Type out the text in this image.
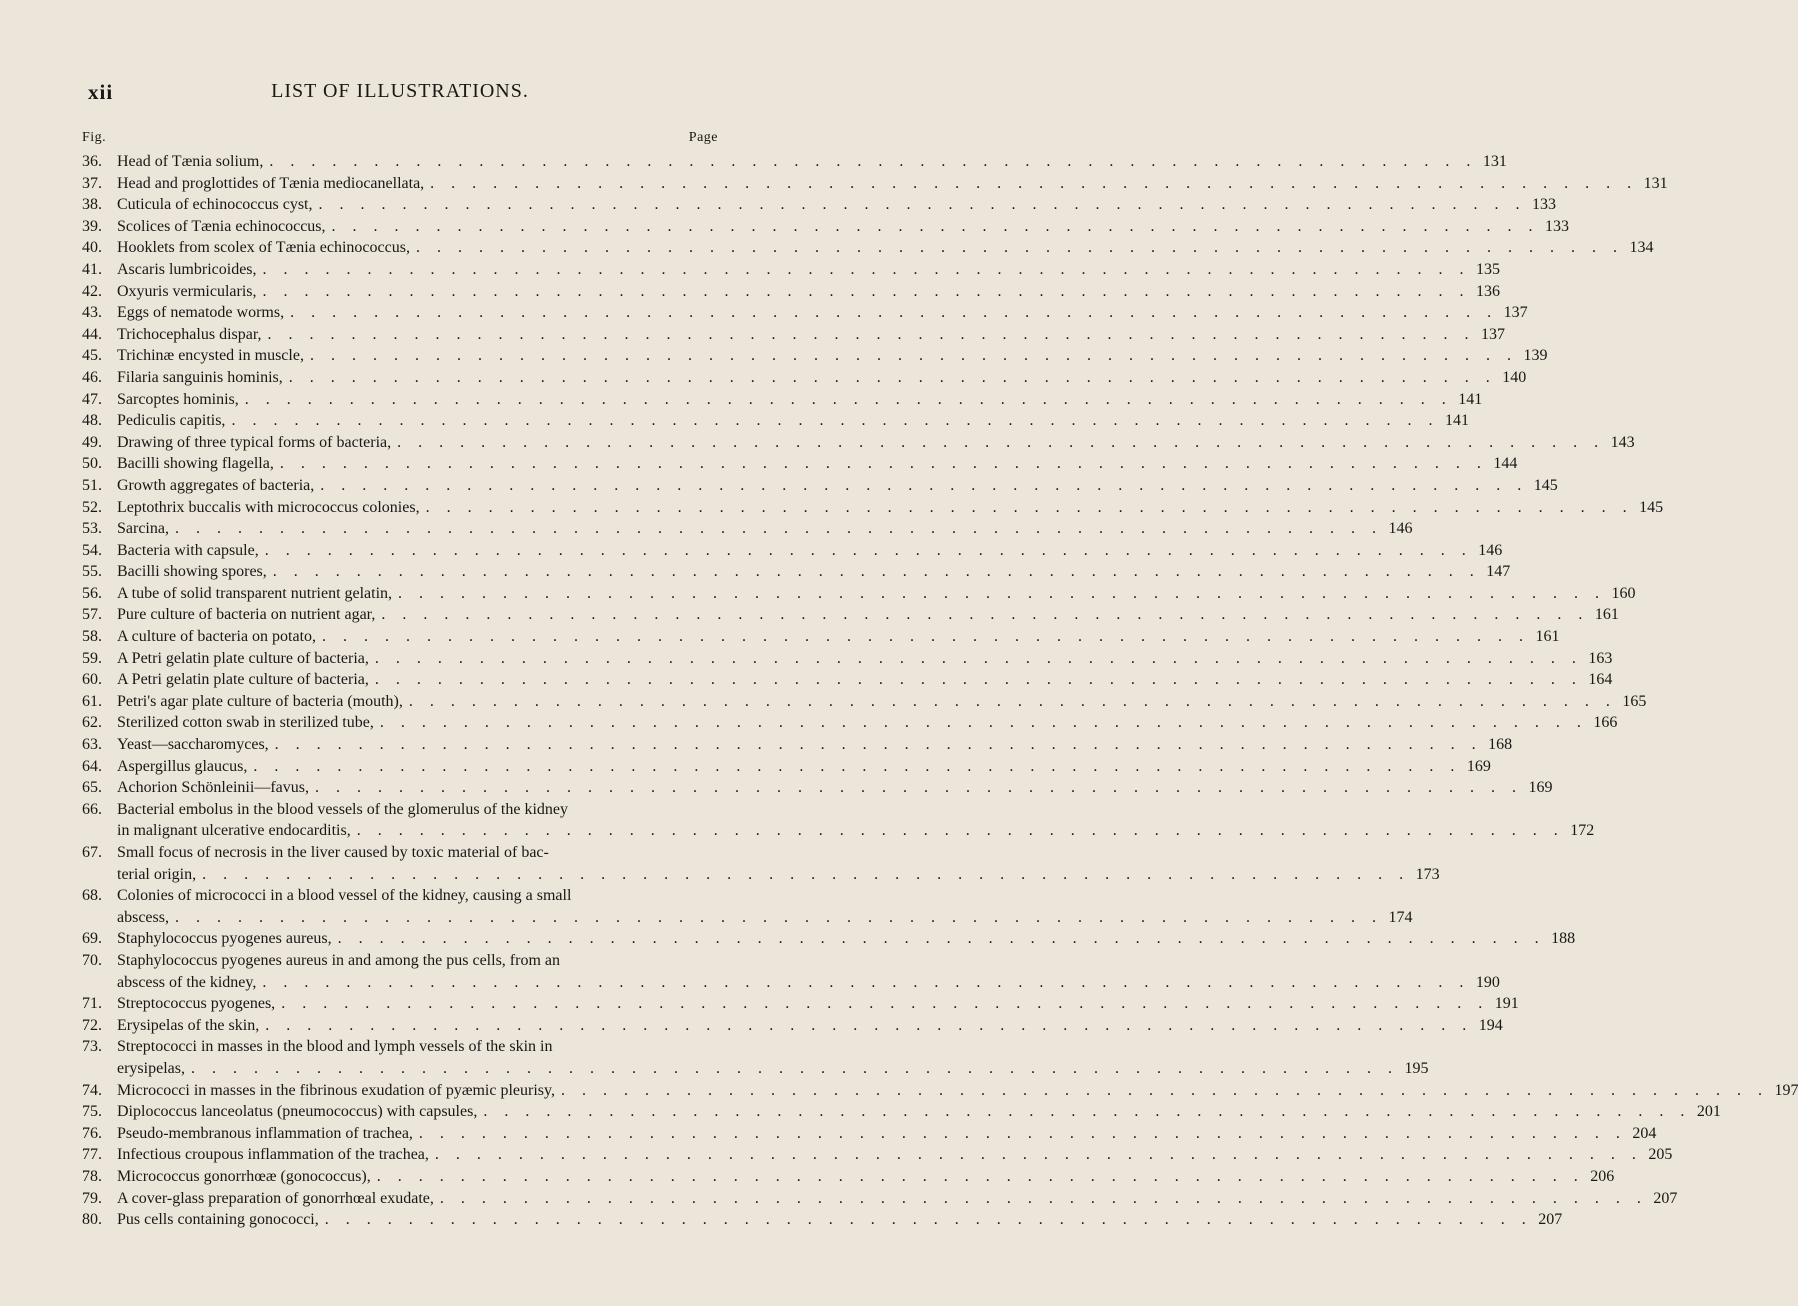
xii	LIST OF ILLUSTRATIONS.
Fig.	Page
36. Head of Tænia solium, . . .	131
37. Head and proglottides of Tænia mediocanellata, . . .	131
38. Cuticula of echinococcus cyst, . . .	133
39. Scolices of Tænia echinococcus, . . .	133
40. Hooklets from scolex of Tænia echinococcus, . . .	134
41. Ascaris lumbricoides, . . .	135
42. Oxyuris vermicularis, . . .	136
43. Eggs of nematode worms, . . .	137
44. Trichocephalus dispar, . . .	137
45. Trichinæ encysted in muscle, . . .	139
46. Filaria sanguinis hominis, . . .	140
47. Sarcoptes hominis, . . .	141
48. Pediculis capitis, . . .	141
49. Drawing of three typical forms of bacteria, . . .	143
50. Bacilli showing flagella, . . .	144
51. Growth aggregates of bacteria, . . .	145
52. Leptothrix buccalis with micrococcus colonies, . . .	145
53. Sarcina, . . .	146
54. Bacteria with capsule, . . .	146
55. Bacilli showing spores, . . .	147
56. A tube of solid transparent nutrient gelatin, . . .	160
57. Pure culture of bacteria on nutrient agar, . . .	161
58. A culture of bacteria on potato, . . .	161
59. A Petri gelatin plate culture of bacteria, . . .	163
60. A Petri gelatin plate culture of bacteria, . . .	164
61. Petri's agar plate culture of bacteria (mouth), . . .	165
62. Sterilized cotton swab in sterilized tube, . . .	166
63. Yeast—saccharomyces, . . .	168
64. Aspergillus glaucus, . . .	169
65. Achorion Schönleinii—favus, . . .	169
66. Bacterial embolus in the blood vessels of the glomerulus of the kidney
in malignant ulcerative endocarditis, . . .	172
67. Small focus of necrosis in the liver caused by toxic material of bac-
terial origin, . . .	173
68. Colonies of micrococci in a blood vessel of the kidney, causing a small
abscess, . . .	174
69. Staphylococcus pyogenes aureus, . . .	188
70. Staphylococcus pyogenes aureus in and among the pus cells, from an
abscess of the kidney, . . .	190
71. Streptococcus pyogenes, . . .	191
72. Erysipelas of the skin, . . .	194
73. Streptococci in masses in the blood and lymph vessels of the skin in
erysipelas, . . .	195
74. Micrococci in masses in the fibrinous exudation of pyæmic pleurisy, . . .	197
75. Diplococcus lanceolatus (pneumococcus) with capsules, . . .	201
76. Pseudo-membranous inflammation of trachea, . . .	204
77. Infectious croupous inflammation of the trachea, . . .	205
78. Micrococcus gonorrhœæ (gonococcus), . . .	206
79. A cover-glass preparation of gonorrhœal exudate, . . .	207
80. Pus cells containing gonococci, . . .	207
